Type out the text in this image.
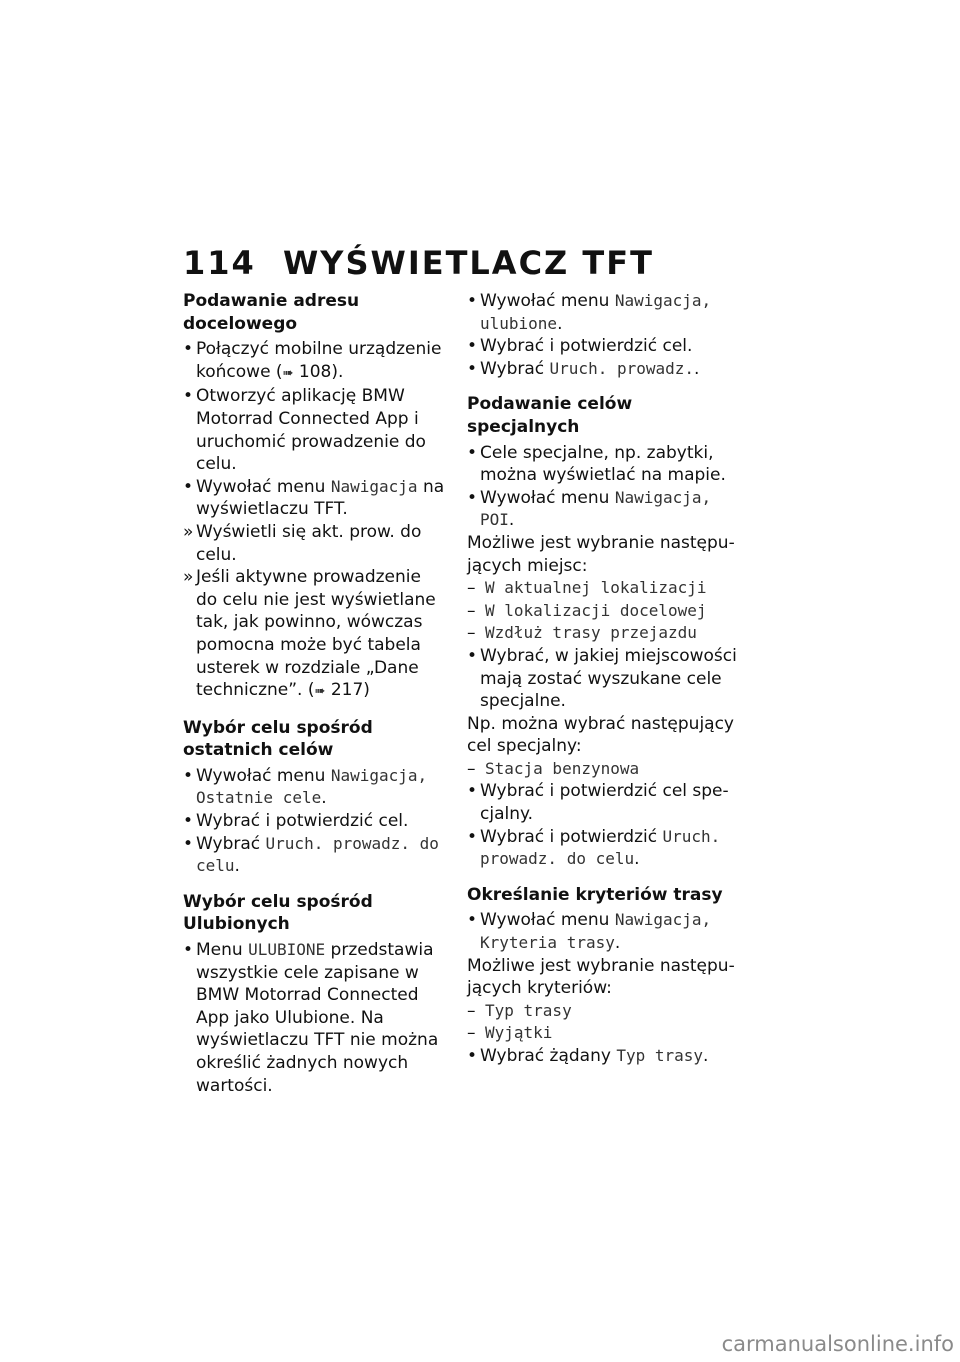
114 WYŚWIETLACZ TFT

Podawanie adresu docelowego

• Połączyć mobilne urządzenie końcowe (➠ 108).
• Otworzyć aplikację BMW Motorrad Connected App i uruchomić prowadzenie do celu.
• Wywołać menu Nawigacja na wyświetlaczu TFT.
» Wyświetli się akt. prow. do celu.
» Jeśli aktywne prowadzenie do celu nie jest wyświetlane tak, jak powinno, wówczas pomocna może być tabela usterek w rozdziale „Dane techniczne”. (➠ 217)

Wybór celu spośród ostatnich celów

• Wywołać menu Nawigacja, Ostatnie cele.
• Wybrać i potwierdzić cel.
• Wybrać Uruch. prowadz. do celu.

Wybór celu spośród Ulubionych

• Menu ULUBIONE przedstawia wszystkie cele zapisane w BMW Motorrad Connected App jako Ulubione. Na wyświetlaczu TFT nie można określić żadnych nowych wartości.
• Wywołać menu Nawigacja, ulubione.
• Wybrać i potwierdzić cel.
• Wybrać Uruch. prowadz..

Podawanie celów specjalnych

• Cele specjalne, np. zabytki, można wyświetlać na mapie.
• Wywołać menu Nawigacja, POI.

Możliwe jest wybranie następujących miejsc:

– W aktualnej lokalizacji
– W lokalizacji docelowej
– Wzdłuż trasy przejazdu
• Wybrać, w jakiej miejscowości mają zostać wyszukane cele specjalne.

Np. można wybrać następujący cel specjalny:

– Stacja benzynowa
• Wybrać i potwierdzić cel specjalny.
• Wybrać i potwierdzić Uruch. prowadz. do celu.

Określanie kryteriów trasy

• Wywołać menu Nawigacja, Kryteria trasy.

Możliwe jest wybranie następujących kryteriów:

– Typ trasy
– Wyjątki
• Wybrać żądany Typ trasy.
carmanualsonline.info
